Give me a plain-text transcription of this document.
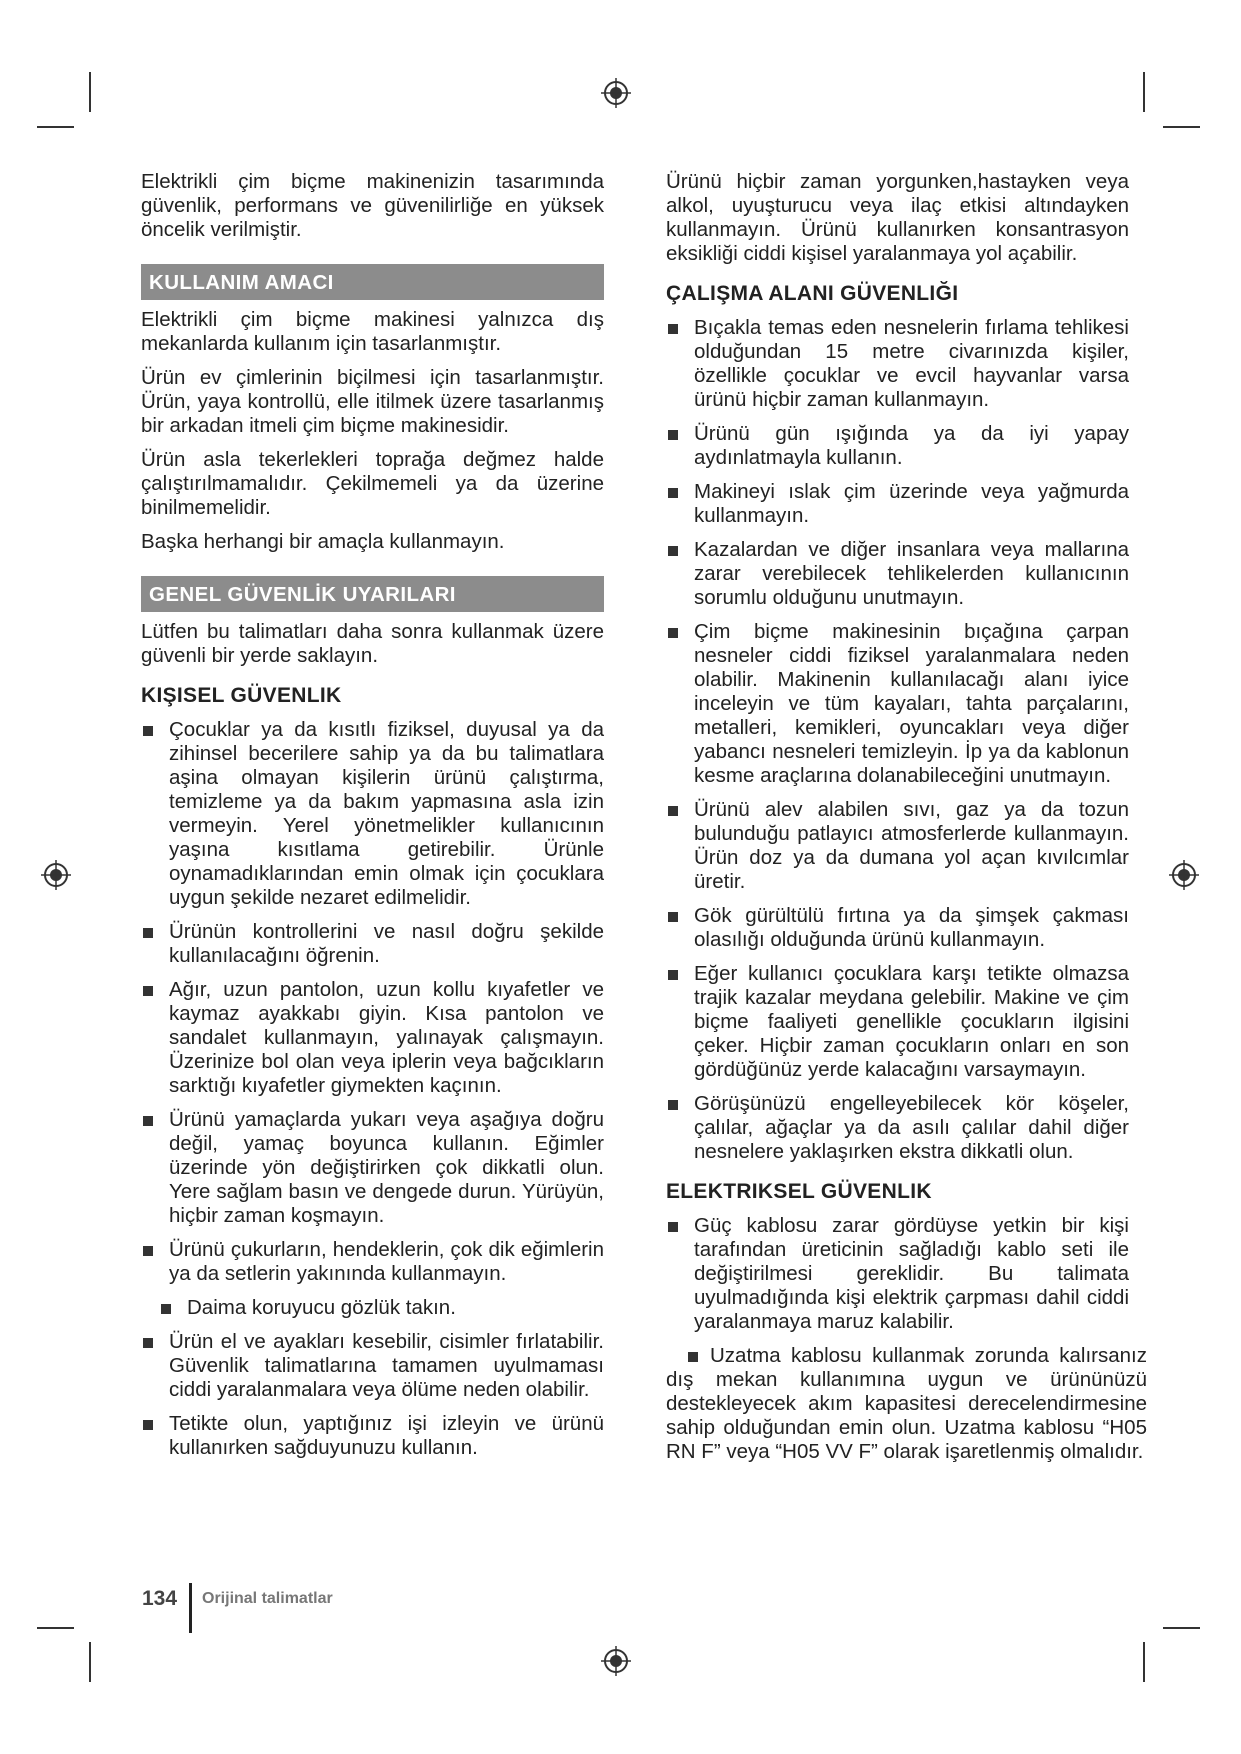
Elektrikli çim biçme makinenizin tasarımında güvenlik, performans ve güvenilirliğe en yüksek öncelik verilmiştir.

KULLANIM AMACI

Elektrikli çim biçme makinesi yalnızca dış mekanlarda kullanım için tasarlanmıştır.

Ürün ev çimlerinin biçilmesi için tasarlanmıştır. Ürün, yaya kontrollü, elle itilmek üzere tasarlanmış bir arkadan itmeli çim biçme makinesidir.

Ürün asla tekerlekleri toprağa değmez halde çalıştırılmamalıdır. Çekilmemeli ya da üzerine binilmemelidir.

Başka herhangi bir amaçla kullanmayın.

GENEL GÜVENLİK UYARILARI

Lütfen bu talimatları daha sonra kullanmak üzere güvenli bir yerde saklayın.

KIŞISEL GÜVENLIK
Çocuklar ya da kısıtlı fiziksel, duyusal ya da zihinsel becerilere sahip ya da bu talimatlara aşina olmayan kişilerin ürünü çalıştırma, temizleme ya da bakım yapmasına asla izin vermeyin. Yerel yönetmelikler kullanıcının yaşına kısıtlama getirebilir. Ürünle oynamadıklarından emin olmak için çocuklara uygun şekilde nezaret edilmelidir.
Ürünün kontrollerini ve nasıl doğru şekilde kullanılacağını öğrenin.
Ağır, uzun pantolon, uzun kollu kıyafetler ve kaymaz ayakkabı giyin. Kısa pantolon ve sandalet kullanmayın, yalınayak çalışmayın. Üzerinize bol olan veya iplerin veya bağcıkların sarktığı kıyafetler giymekten kaçının.
Ürünü yamaçlarda yukarı veya aşağıya doğru değil, yamaç boyunca kullanın. Eğimler üzerinde yön değiştirirken çok dikkatli olun. Yere sağlam basın ve dengede durun. Yürüyün, hiçbir zaman koşmayın.
Ürünü çukurların, hendeklerin, çok dik eğimlerin ya da setlerin yakınında kullanmayın.
Daima koruyucu gözlük takın.
Ürün el ve ayakları kesebilir, cisimler fırlatabilir. Güvenlik talimatlarına tamamen uyulmaması ciddi yaralanmalara veya ölüme neden olabilir.
Tetikte olun, yaptığınız işi izleyin ve ürünü kullanırken sağduyunuzu kullanın.

Ürünü hiçbir zaman yorgunken,hastayken veya alkol, uyuşturucu veya ilaç etkisi altındayken kullanmayın. Ürünü kullanırken konsantrasyon eksikliği ciddi kişisel yaralanmaya yol açabilir.

ÇALIŞMA ALANI GÜVENLIĞI
Bıçakla temas eden nesnelerin fırlama tehlikesi olduğundan 15 metre civarınızda kişiler, özellikle çocuklar ve evcil hayvanlar varsa ürünü hiçbir zaman kullanmayın.
Ürünü gün ışığında ya da iyi yapay aydınlatmayla kullanın.
Makineyi ıslak çim üzerinde veya yağmurda kullanmayın.
Kazalardan ve diğer insanlara veya mallarına zarar verebilecek tehlikelerden kullanıcının sorumlu olduğunu unutmayın.
Çim biçme makinesinin bıçağına çarpan nesneler ciddi fiziksel yaralanmalara neden olabilir. Makinenin kullanılacağı alanı iyice inceleyin ve tüm kayaları, tahta parçalarını, metalleri, kemikleri, oyuncakları veya diğer yabancı nesneleri temizleyin. İp ya da kablonun kesme araçlarına dolanabileceğini unutmayın.
Ürünü alev alabilen sıvı, gaz ya da tozun bulunduğu patlayıcı atmosferlerde kullanmayın. Ürün doz ya da dumana yol açan kıvılcımlar üretir.
Gök gürültülü fırtına ya da şimşek çakması olasılığı olduğunda ürünü kullanmayın.
Eğer kullanıcı çocuklara karşı tetikte olmazsa trajik kazalar meydana gelebilir. Makine ve çim biçme faaliyeti genellikle çocukların ilgisini çeker. Hiçbir zaman çocukların onları en son gördüğünüz yerde kalacağını varsaymayın.
Görüşünüzü engelleyebilecek kör köşeler, çalılar, ağaçlar ya da asılı çalılar dahil diğer nesnelere yaklaşırken ekstra dikkatli olun.
ELEKTRIKSEL GÜVENLIK
Güç kablosu zarar gördüyse yetkin bir kişi tarafından üreticinin sağladığı kablo seti ile değiştirilmesi gereklidir. Bu talimata uyulmadığında kişi elektrik çarpması dahil ciddi yaralanmaya maruz kalabilir.
Uzatma kablosu kullanmak zorunda kalırsanız dış mekan kullanımına uygun ve ürününüzü destekleyecek akım kapasitesi derecelendirmesine sahip olduğundan emin olun. Uzatma kablosu “H05 RN F” veya “H05 VV F” olarak işaretlenmiş olmalıdır.
134 Orijinal talimatlar
